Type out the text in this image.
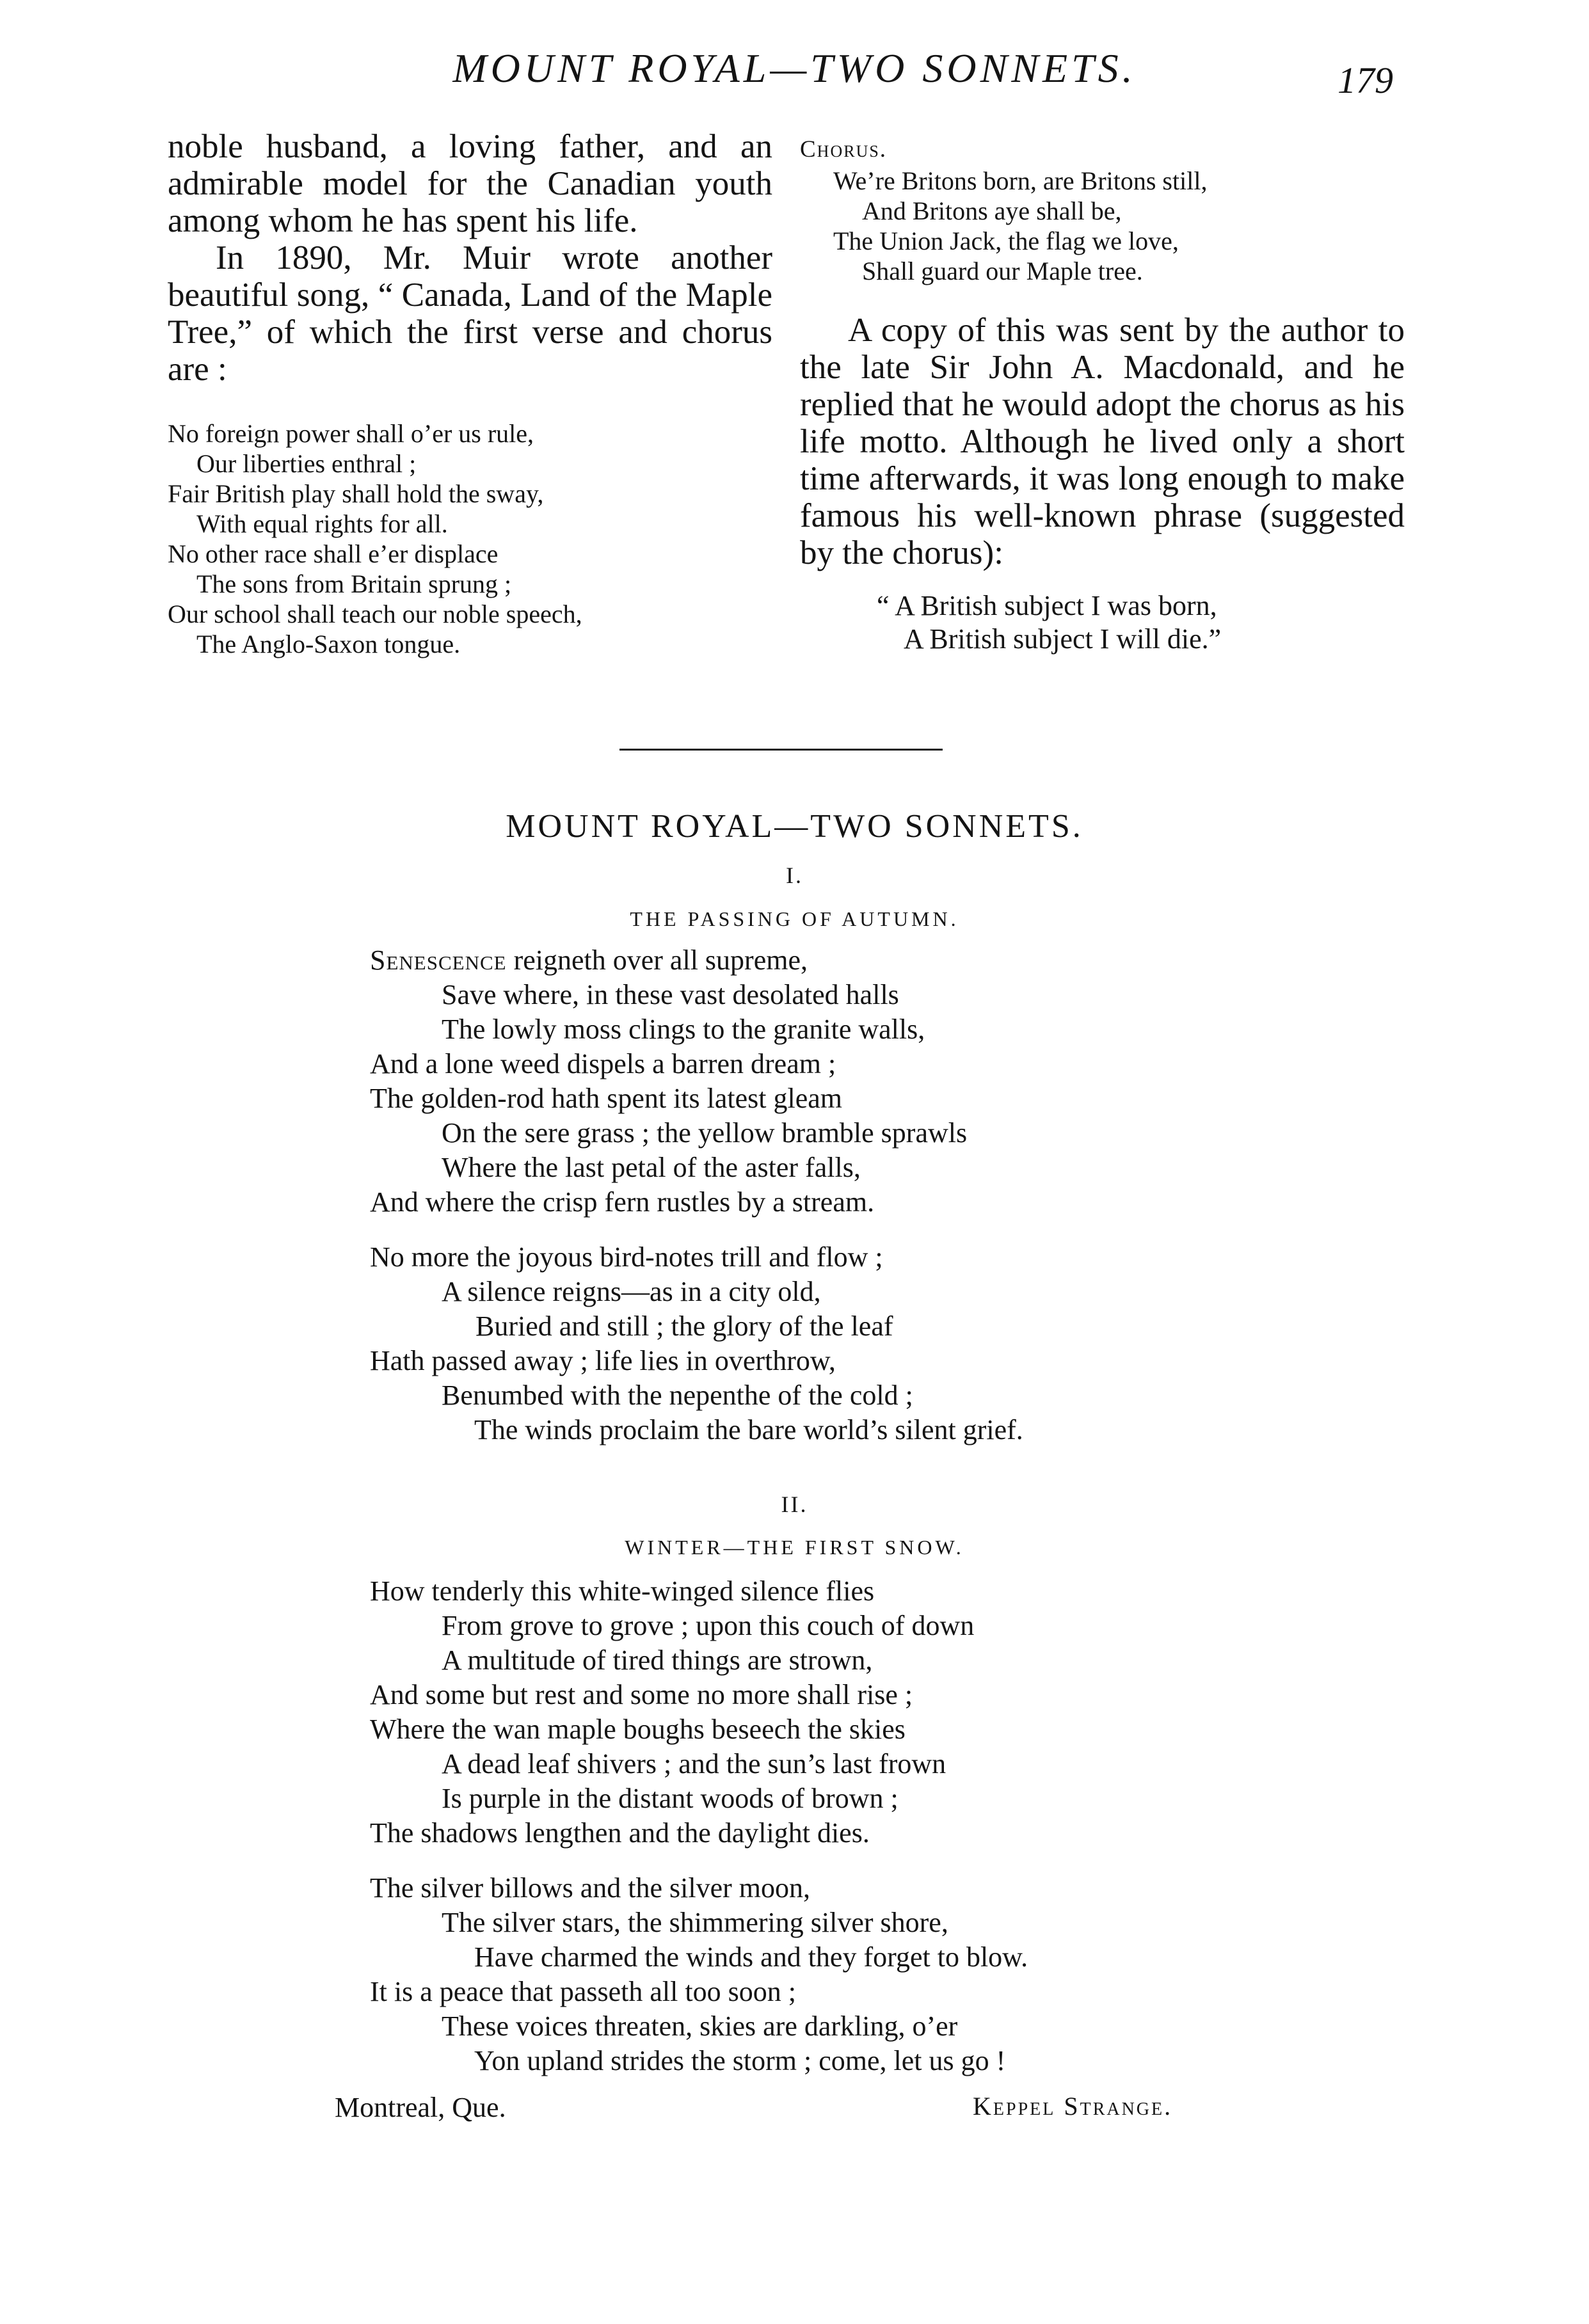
MOUNT ROYAL—TWO SONNETS.	179

noble husband, a loving father, and an admirable model for the Canadian youth among whom he has spent his life.

In 1890, Mr. Muir wrote another beautiful song, “ Canada, Land of the Maple Tree,” of which the first verse and chorus are :

No foreign power shall o’er us rule,
Our liberties enthral ;
Fair British play shall hold the sway,
With equal rights for all.
No other race shall e’er displace
The sons from Britain sprung ;
Our school shall teach our noble speech,
The Anglo-Saxon tongue.
Chorus.
We’re Britons born, are Britons still,
And Britons aye shall be,
The Union Jack, the flag we love,
Shall guard our Maple tree.

A copy of this was sent by the author to the late Sir John A. Macdonald, and he replied that he would adopt the chorus as his life motto. Although he lived only a short time afterwards, it was long enough to make famous his well-known phrase (suggested by the chorus):

“ A British subject I was born,
A British subject I will die.”
MOUNT ROYAL—TWO SONNETS.
I.
THE PASSING OF AUTUMN.
Senescence reigneth over all supreme,
Save where, in these vast desolated halls
The lowly moss clings to the granite walls,
And a lone weed dispels a barren dream ;
The golden-rod hath spent its latest gleam
On the sere grass ; the yellow bramble sprawls
Where the last petal of the aster falls,
And where the crisp fern rustles by a stream.
No more the joyous bird-notes trill and flow ;
A silence reigns—as in a city old,
Buried and still ; the glory of the leaf
Hath passed away ; life lies in overthrow,
Benumbed with the nepenthe of the cold ;
The winds proclaim the bare world’s silent grief.
II.
WINTER—THE FIRST SNOW.
How tenderly this white-winged silence flies
From grove to grove ; upon this couch of down
A multitude of tired things are strown,
And some but rest and some no more shall rise ;
Where the wan maple boughs beseech the skies
A dead leaf shivers ; and the sun’s last frown
Is purple in the distant woods of brown ;
The shadows lengthen and the daylight dies.
The silver billows and the silver moon,
The silver stars, the shimmering silver shore,
Have charmed the winds and they forget to blow.
It is a peace that passeth all too soon ;
These voices threaten, skies are darkling, o’er
Yon upland strides the storm ; come, let us go !
Montreal, Que.	Keppel Strange.
